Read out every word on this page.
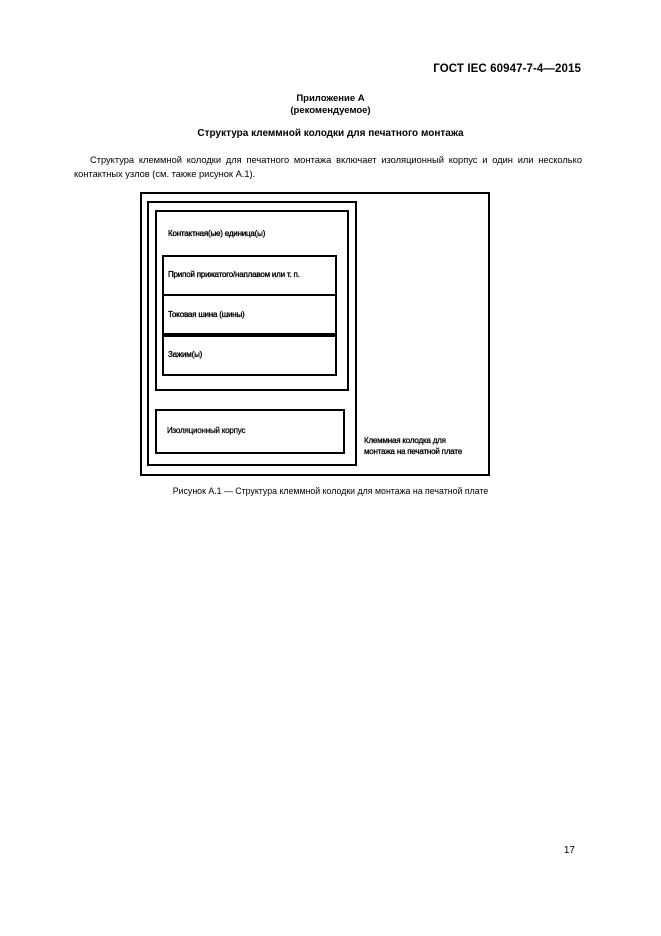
ГОСТ IEC 60947-7-4—2015
Приложение А
(рекомендуемое)
Структура клеммной колодки для печатного монтажа

Структура клеммной колодки для печатного монтажа включает изоляционный корпус и один или несколько контактных узлов (см. также рисунок А.1).

Контактная(ые) единица(ы)
Припой прижатого/наплавом или т. п.
Токовая шина (шины)
Зажим(ы)
Изоляционный корпус
Клеммная колодка для
монтажа на печатной плате
Рисунок А.1 — Структура клеммной колодки для монтажа на печатной плате
17
